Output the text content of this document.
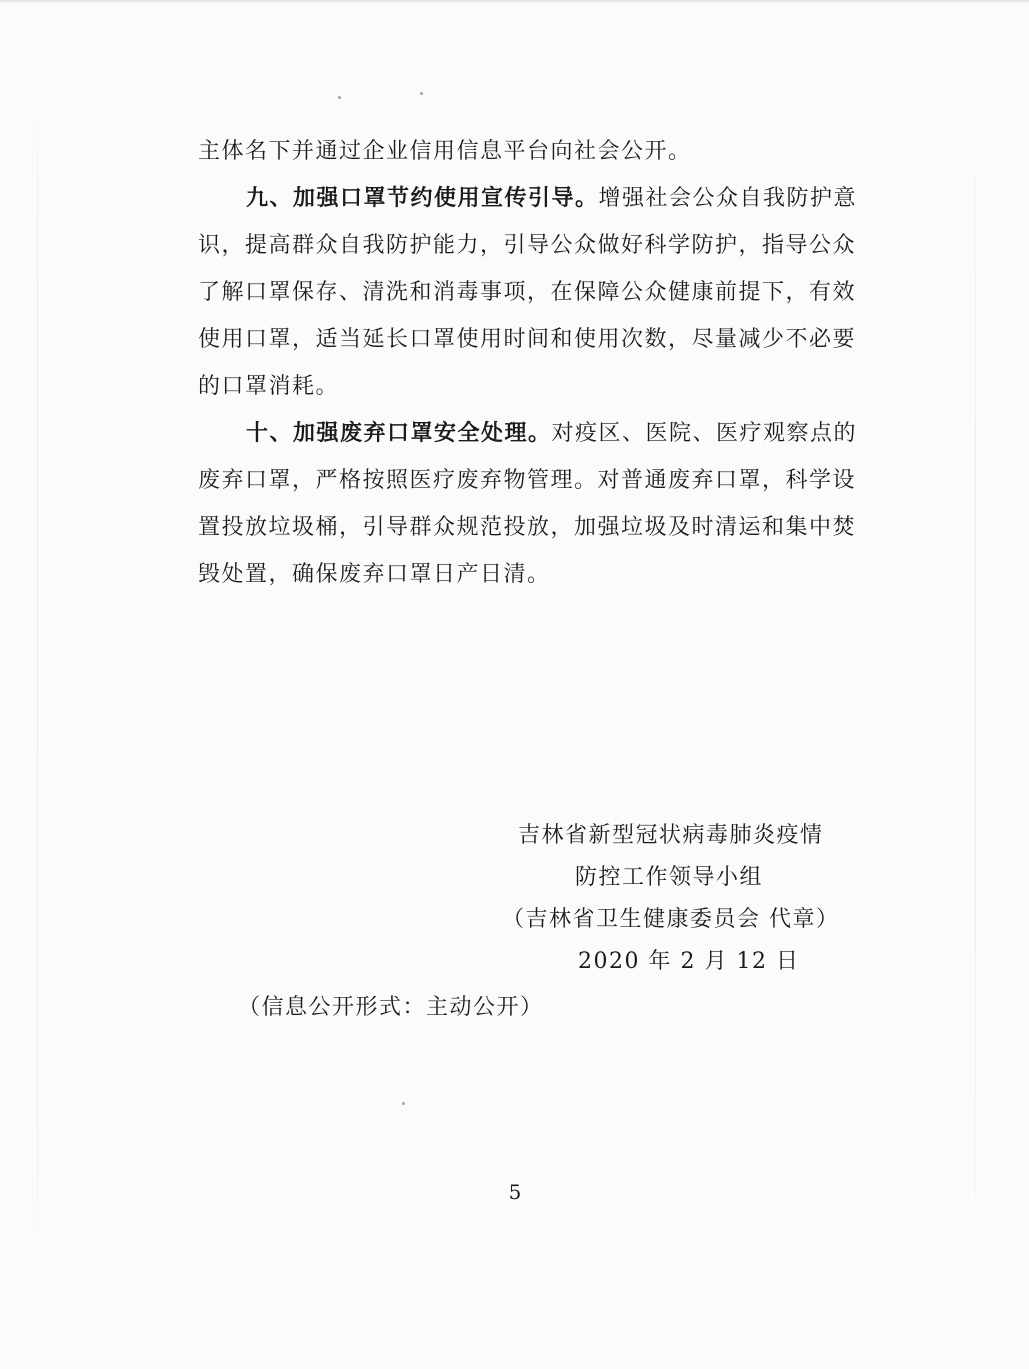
主体名下并通过企业信用信息平台向社会公开。
九、加强口罩节约使用宣传引导。增强社会公众自我防护意
识，提高群众自我防护能力，引导公众做好科学防护，指导公众
了解口罩保存、清洗和消毒事项，在保障公众健康前提下，有效
使用口罩，适当延长口罩使用时间和使用次数，尽量减少不必要
的口罩消耗。
十、加强废弃口罩安全处理。对疫区、医院、医疗观察点的
废弃口罩，严格按照医疗废弃物管理。对普通废弃口罩，科学设
置投放垃圾桶，引导群众规范投放，加强垃圾及时清运和集中焚
毁处置，确保废弃口罩日产日清。
吉林省新型冠状病毒肺炎疫情
防控工作领导小组
（吉林省卫生健康委员会 代章）
2020 年 2 月 12 日
（信息公开形式：主动公开）
5
